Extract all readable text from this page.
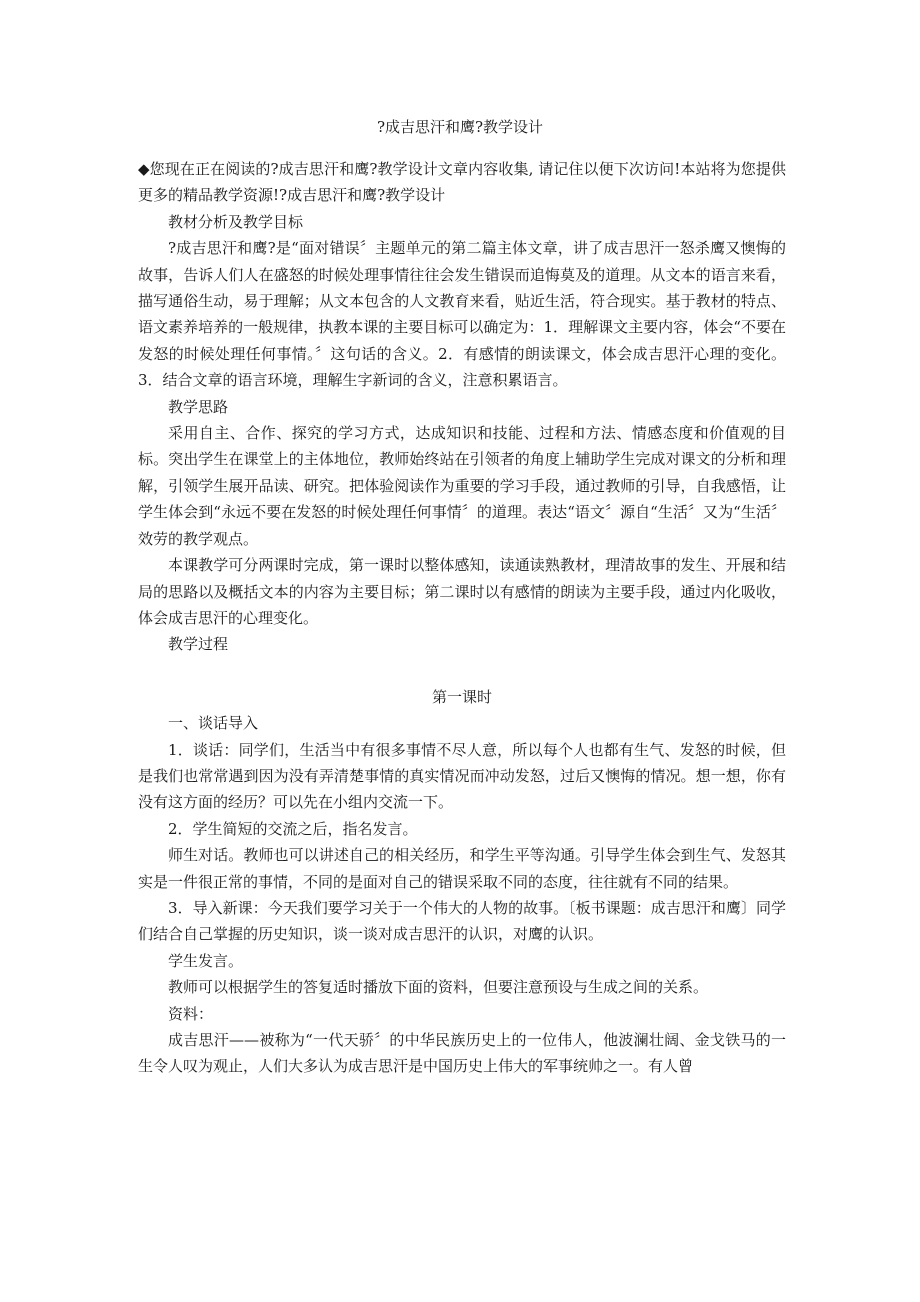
?成吉思汗和鹰?教学设计

◆您现在正在阅读的?成吉思汗和鹰?教学设计文章内容收集, 请记住以便下次访问!本站将为您提供更多的精品教学资源!?成吉思汗和鹰?教学设计

教材分析及教学目标

?成吉思汗和鹰?是“面对错误〞主题单元的第二篇主体文章，讲了成吉思汗一怒杀鹰又懊悔的故事，告诉人们人在盛怒的时候处理事情往往会发生错误而追悔莫及的道理。从文本的语言来看，描写通俗生动，易于理解；从文本包含的人文教育来看，贴近生活，符合现实。基于教材的特点、语文素养培养的一般规律，执教本课的主要目标可以确定为：1．理解课文主要内容，体会“不要在发怒的时候处理任何事情。〞这句话的含义。2．有感情的朗读课文，体会成吉思汗心理的变化。3．结合文章的语言环境，理解生字新词的含义，注意积累语言。

教学思路

采用自主、合作、探究的学习方式，达成知识和技能、过程和方法、情感态度和价值观的目标。突出学生在课堂上的主体地位，教师始终站在引领者的角度上辅助学生完成对课文的分析和理解，引领学生展开品读、研究。把体验阅读作为重要的学习手段，通过教师的引导，自我感悟，让学生体会到“永远不要在发怒的时候处理任何事情〞的道理。表达“语文〞源自“生活〞又为“生活〞效劳的教学观点。

本课教学可分两课时完成，第一课时以整体感知，读通读熟教材，理清故事的发生、开展和结局的思路以及概括文本的内容为主要目标；第二课时以有感情的朗读为主要手段，通过内化吸收，体会成吉思汗的心理变化。

教学过程

第一课时

一、谈话导入

1．谈话：同学们，生活当中有很多事情不尽人意，所以每个人也都有生气、发怒的时候，但是我们也常常遇到因为没有弄清楚事情的真实情况而冲动发怒，过后又懊悔的情况。想一想，你有没有这方面的经历？可以先在小组内交流一下。

2．学生简短的交流之后，指名发言。

师生对话。教师也可以讲述自己的相关经历，和学生平等沟通。引导学生体会到生气、发怒其实是一件很正常的事情，不同的是面对自己的错误采取不同的态度，往往就有不同的结果。

3．导入新课：今天我们要学习关于一个伟大的人物的故事。〔板书课题：成吉思汗和鹰〕同学们结合自己掌握的历史知识，谈一谈对成吉思汗的认识，对鹰的认识。

学生发言。

教师可以根据学生的答复适时播放下面的资料，但要注意预设与生成之间的关系。

资料：

成吉思汗——被称为“一代天骄〞的中华民族历史上的一位伟人，他波澜壮阔、金戈铁马的一生令人叹为观止，人们大多认为成吉思汗是中国历史上伟大的军事统帅之一。有人曾
